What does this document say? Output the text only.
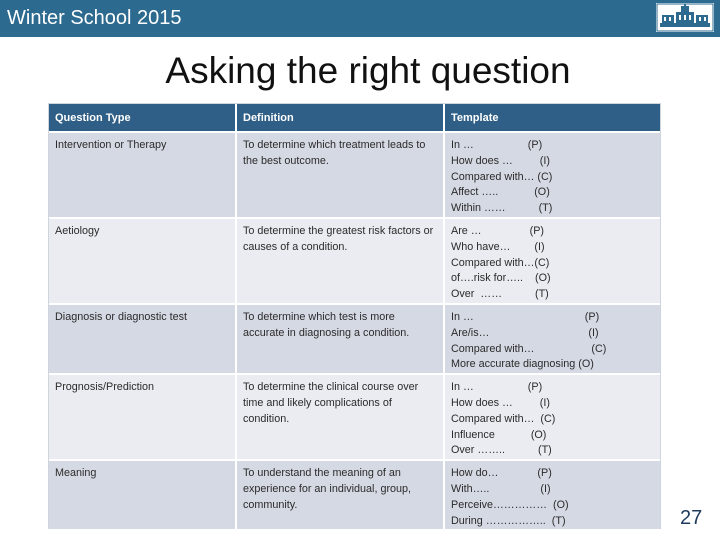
Winter School 2015
Asking the right question
Question Type	Definition	Template
Intervention or Therapy	To determine which treatment leads to the best outcome.	In …                  (P)
How does …         (I)
Compared with… (C)
Affect …..            (O)
Within ……           (T)

Aetiology	To determine the greatest risk factors or causes of a condition.	Are …                (P)
Who have…        (I)
Compared with…(C)
of….risk for…..    (O)
Over  ……           (T)

Diagnosis or diagnostic test	To determine which test is more accurate in diagnosing a condition.	In …                                     (P)
Are/is…                                 (I)
Compared with…                   (C)
More accurate diagnosing (O)

Prognosis/Prediction	To determine the clinical course over time and likely complications of condition.	In …                  (P)
How does …         (I)
Compared with…  (C)
Influence            (O)
Over ……..           (T)

Meaning	To understand the meaning of an experience for an individual, group, community.	How do…             (P)
With…..                 (I)
Perceive……………  (O)
During ……………..  (T)	27
